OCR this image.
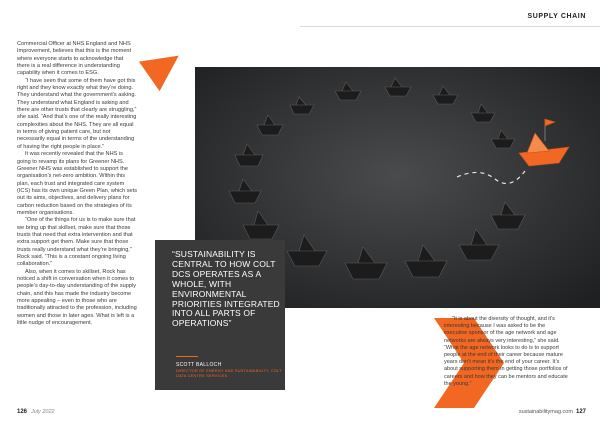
SUPPLY CHAIN
“SUSTAINABILITY IS CENTRAL TO HOW COLT DCS OPERATES AS A WHOLE, WITH ENVIRONMENTAL PRIORITIES INTEGRATED INTO ALL PARTS OF OPERATIONS”
SCOTT BALLOCH
DIRECTOR OF ENERGY AND SUSTAINABILITY, COLT DATA CENTRE SERVICES

Commercial Officer at NHS England and NHS Improvement, believes that this is the moment where everyone starts to acknowledge that there is a real difference in understanding capability when it comes to ESG.

“I have seen that some of them have got this right and they know exactly what they’re doing. They understand what the government’s asking. They understand what England is asking and there are other trusts that clearly are struggling,” she said. “And that’s one of the really interesting complexities about the NHS. They are all equal in terms of giving patient care, but not necessarily equal in terms of the understanding of having the right people in place.”

It was recently revealed that the NHS is going to revamp its plans for Greener NHS. Greener NHS was established to support the organisation’s net-zero ambition. Within this plan, each trust and integrated care system (ICS) has its own unique Green Plan, which sets out its aims, objectives, and delivery plans for carbon reduction based on the strategies of its member organisations.

“One of the things for us is to make sure that we bring up that skillset, make sure that those trusts that need that extra intervention and that extra support get them. Make sure that those trusts really understand what they’re bringing,” Rock said. “This is a constant ongoing living collaboration.”

Also, when it comes to skillset, Rock has noticed a shift in conversation when it comes to people’s day-to-day understanding of the supply chain, and this has made the industry become more appealing – even to those who are traditionally attracted to the profession, including women and those in later ages. What is left is a little nudge of encouragement.

“It is about the diversity of thought, and it’s interesting because I was asked to be the executive sponsor of the age network and age networks are always very interesting,” she said. “What the age network looks to do is to support people at the end of their career because mature years don’t mean it’s the end of your career. It’s about supporting them in getting those portfolios of careers and how they can be mentors and educate the young.”

126 July 2022	sustainabilitymag.com 127
